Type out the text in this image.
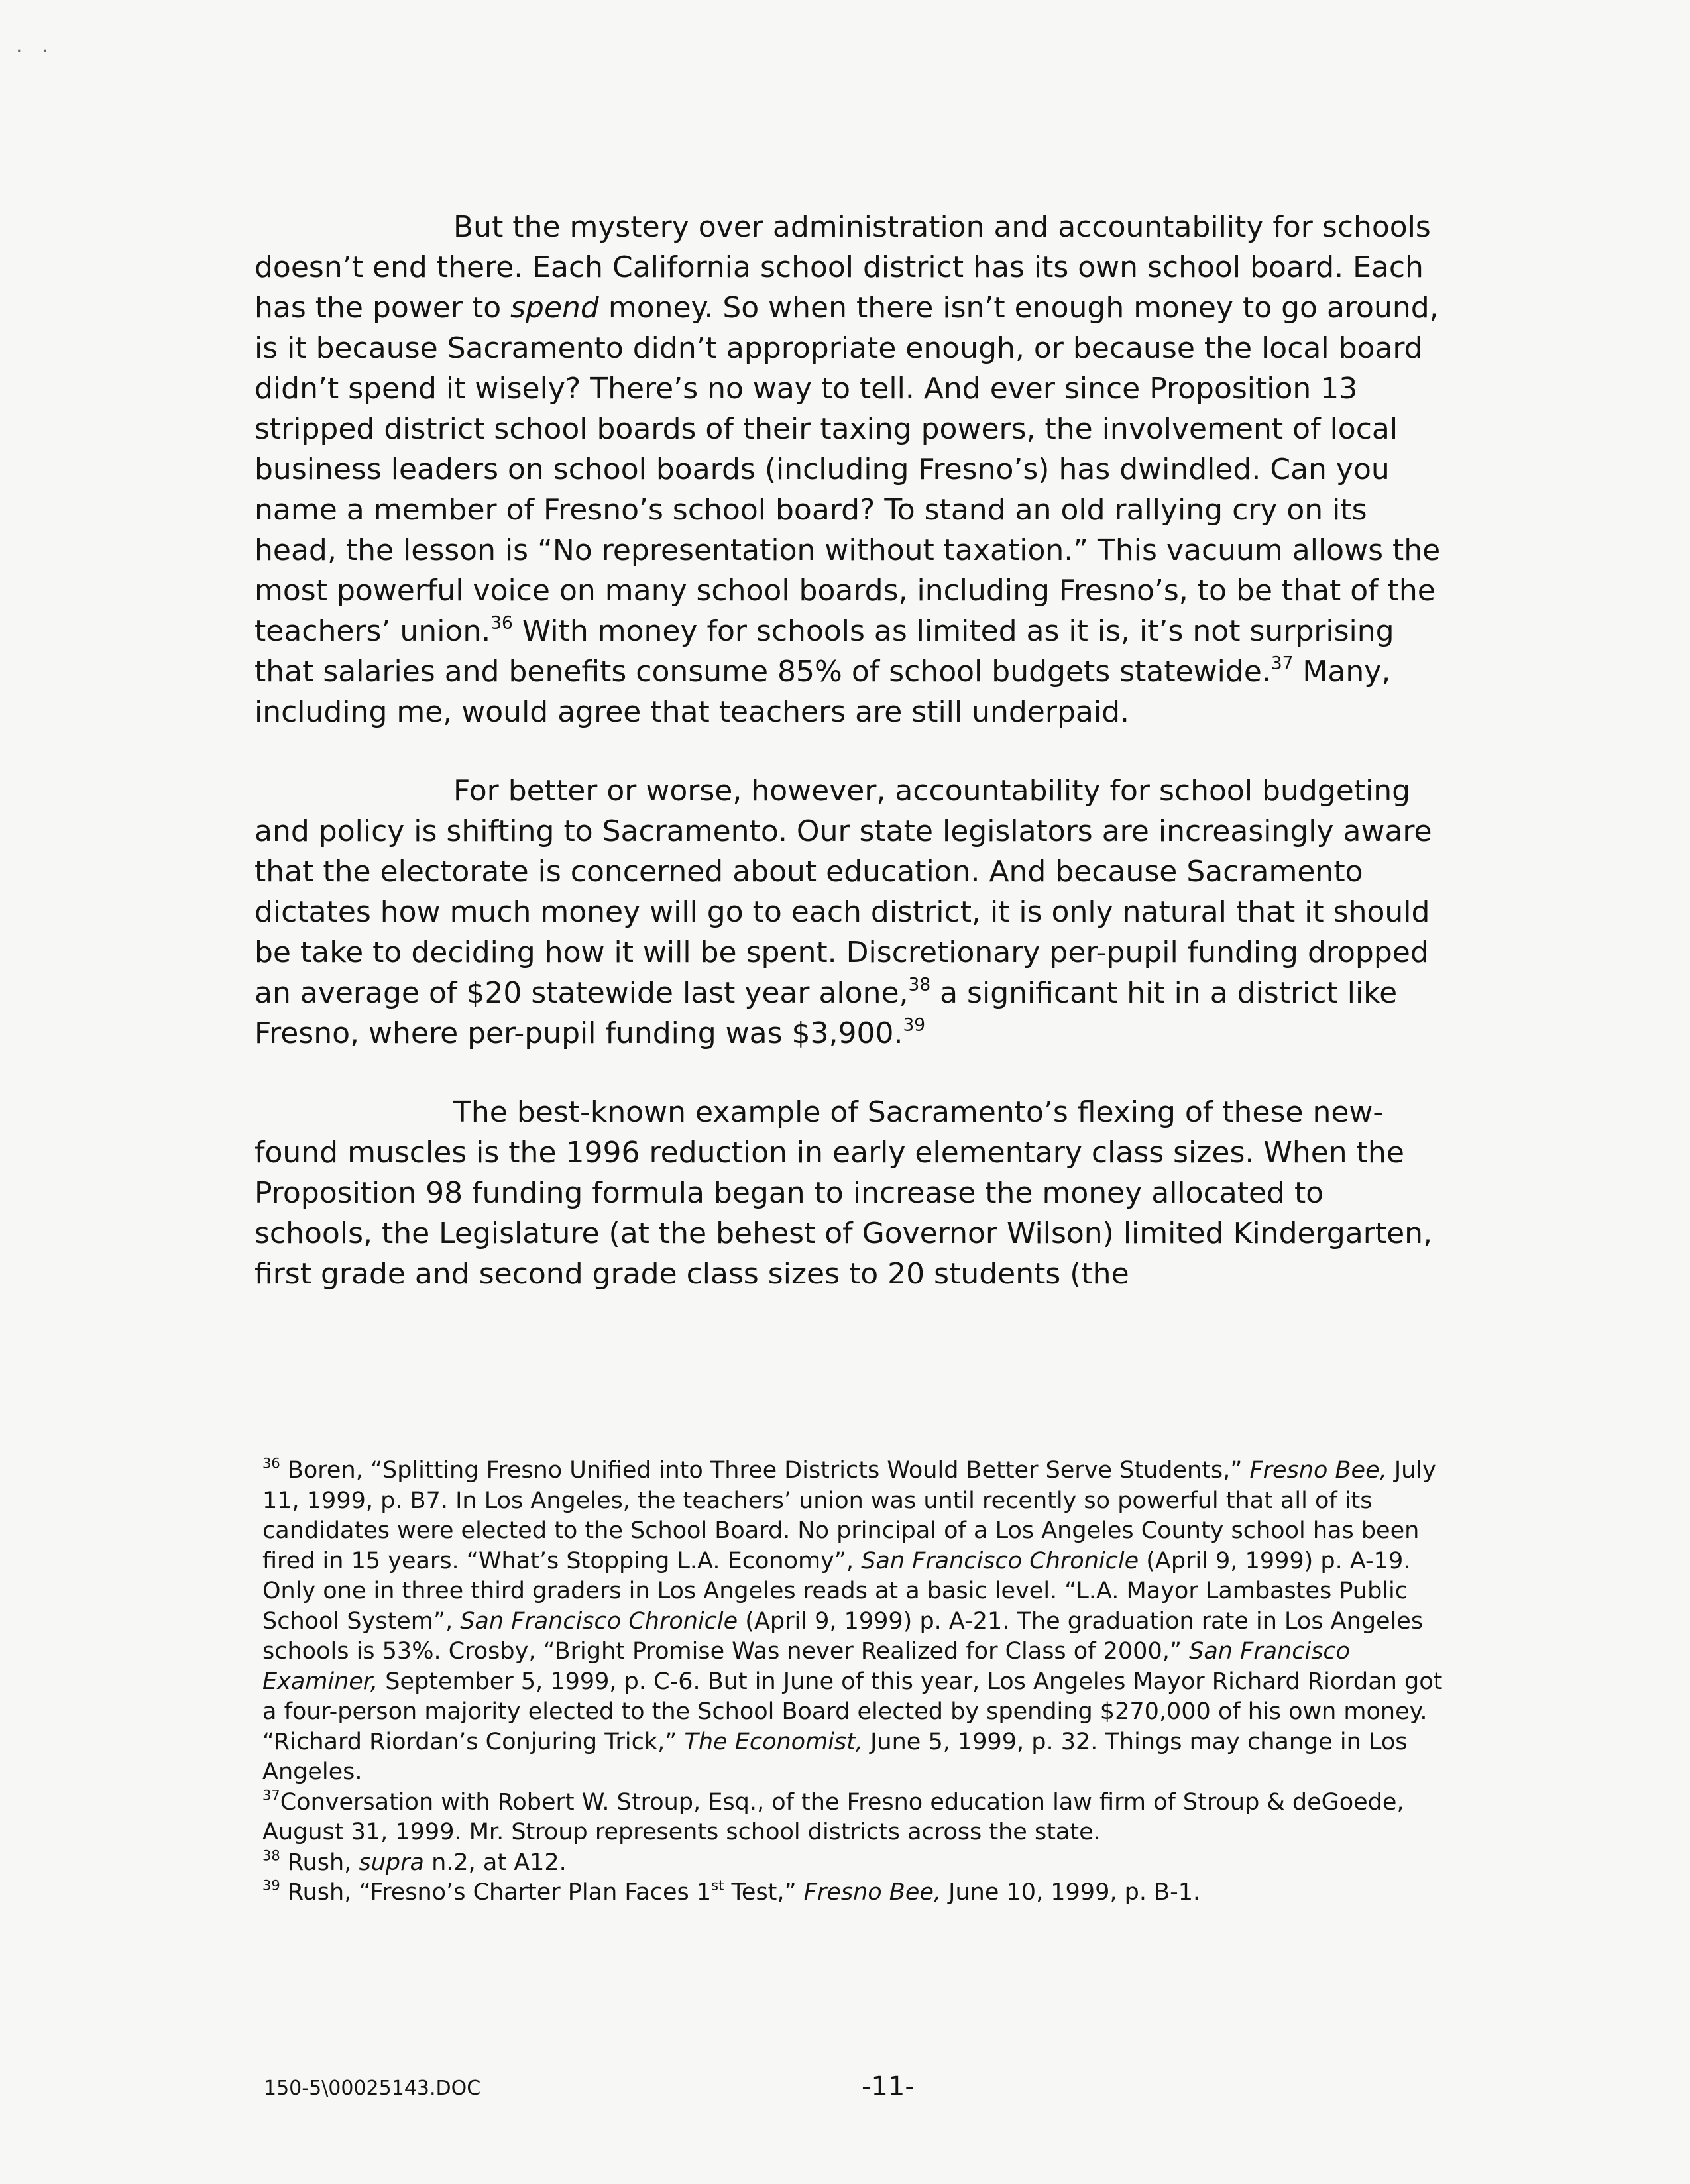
··

But the mystery over administration and accountability for schools doesn’t end there. Each California school district has its own school board. Each has the power to spend money. So when there isn’t enough money to go around, is it because Sacramento didn’t appropriate enough, or because the local board didn’t spend it wisely? There’s no way to tell. And ever since Proposition 13 stripped district school boards of their taxing powers, the involvement of local business leaders on school boards (including Fresno’s) has dwindled. Can you name a member of Fresno’s school board? To stand an old rallying cry on its head, the lesson is “No representation without taxation.” This vacuum allows the most powerful voice on many school boards, including Fresno’s, to be that of the teachers’ union.$^{36}$ With money for schools as limited as it is, it’s not surprising that salaries and benefits consume 85% of school budgets statewide.$^{37}$ Many, including me, would agree that teachers are still underpaid.

For better or worse, however, accountability for school budgeting and policy is shifting to Sacramento. Our state legislators are increasingly aware that the electorate is concerned about education. And because Sacramento dictates how much money will go to each district, it is only natural that it should be take to deciding how it will be spent. Discretionary per-pupil funding dropped an average of $20 statewide last year alone,$^{38}$ a significant hit in a district like Fresno, where per-pupil funding was $3,900.39

The best-known example of Sacramento’s flexing of these new-found muscles is the 1996 reduction in early elementary class sizes. When the Proposition 98 funding formula began to increase the money allocated to schools, the Legislature (at the behest of Governor Wilson) limited Kindergarten, first grade and second grade class sizes to 20 students (the

$^{36}$ Boren, “Splitting Fresno Unified into Three Districts Would Better Serve Students,” Fresno Bee, July 11, 1999, p. B7. In Los Angeles, the teachers’ union was until recently so powerful that all of its candidates were elected to the School Board. No principal of a Los Angeles County school has been fired in 15 years. “What’s Stopping L.A. Economy”, San Francisco Chronicle (April 9, 1999) p. A-19. Only one in three third graders in Los Angeles reads at a basic level. “L.A. Mayor Lambastes Public School System”, San Francisco Chronicle (April 9, 1999) p. A-21. The graduation rate in Los Angeles schools is 53%. Crosby, “Bright Promise Was never Realized for Class of 2000,” San Francisco Examiner, September 5, 1999, p. C-6. But in June of this year, Los Angeles Mayor Richard Riordan got a four-person majority elected to the School Board elected by spending $270,000 of his own money. “Richard Riordan’s Conjuring Trick,” The Economist, June 5, 1999, p. 32. Things may change in Los Angeles.

$^{37}$Conversation with Robert W. Stroup, Esq., of the Fresno education law firm of Stroup & deGoede, August 31, 1999. Mr. Stroup represents school districts across the state.

$^{38}$ Rush, supra n.2, at A12.

$^{39}$ Rush, “Fresno’s Charter Plan Faces 1st Test,” Fresno Bee, June 10, 1999, p. B-1.

150-5\00025143.DOC	-11-
